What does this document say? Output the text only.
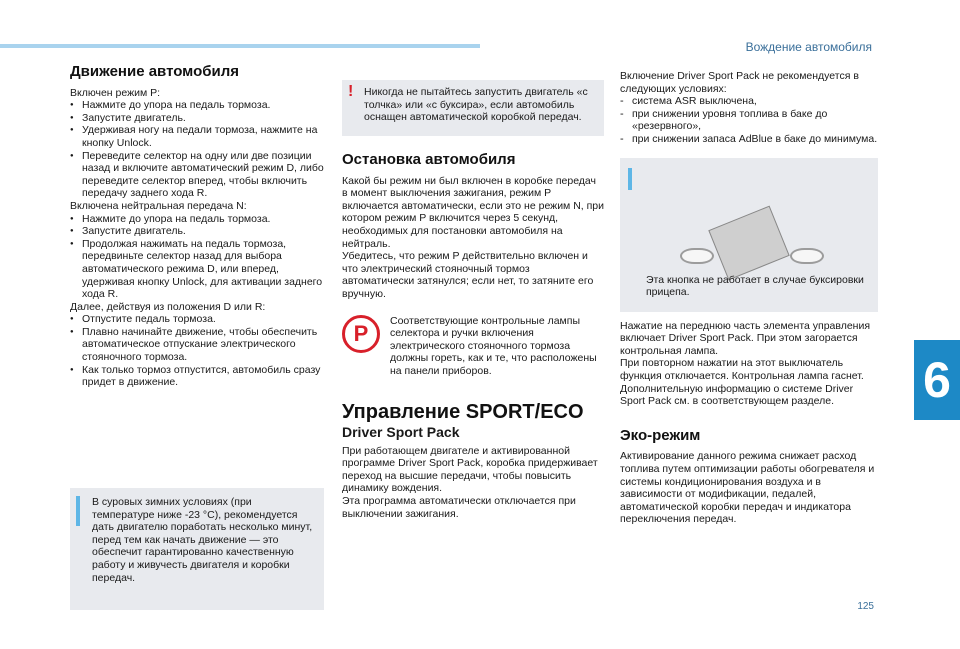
Вождение автомобиля
Движение автомобиля

Включен режим P:

● Нажмите до упора на педаль тормоза.
● Запустите двигатель.
● Удерживая ногу на педали тормоза, нажмите на кнопку Unlock.
● Переведите селектор на одну или две позиции назад и включите автоматический режим D, либо переведите селектор вперед, чтобы включить передачу заднего хода R.

Включена нейтральная передача N:

● Нажмите до упора на педаль тормоза.
● Запустите двигатель.
● Продолжая нажимать на педаль тормоза, передвиньте селектор назад для выбора автоматического режима D, или вперед, удерживая кнопку Unlock, для активации заднего хода R.

Далее, действуя из положения D или R:

● Отпустите педаль тормоза.
● Плавно начинайте движение, чтобы обеспечить автоматическое отпускание электрического стояночного тормоза.
● Как только тормоз отпустится, автомобиль сразу придет в движение.

В суровых зимних условиях (при температуре ниже -23 °C), рекомендуется дать двигателю поработать несколько минут, перед тем как начать движение — это обеспечит гарантированно качественную работу и живучесть двигателя и коробки передач.

! Никогда не пытайтесь запустить двигатель «с толчка» или «с буксира», если автомобиль оснащен автоматической коробкой передач.

Остановка автомобиля

Какой бы режим ни был включен в коробке передач в момент выключения зажигания, режим P включается автоматически, если это не режим N, при котором режим P включится через 5 секунд, необходимых для постановки автомобиля на нейтраль.

Убедитесь, что режим P действительно включен и что электрический стояночный тормоз автоматически затянулся; если нет, то затяните его вручную.

P	Соответствующие контрольные лампы селектора и ручки включения электрического стояночного тормоза должны гореть, как и те, что расположены на панели приборов.

Управление SPORT/ECO
Driver Sport Pack

При работающем двигателе и активированной программе Driver Sport Pack, коробка придерживает переход на высшие передачи, чтобы повысить динамику вождения.

Эта программа автоматически отключается при выключении зажигания.

Включение Driver Sport Pack не рекомендуется в следующих условиях:

- система ASR выключена,
- при снижении уровня топлива в баке до «резервного»,
- при снижении запаса AdBlue в баке до минимума.

Эта кнопка не работает в случае буксировки прицепа.

Нажатие на переднюю часть элемента управления включает Driver Sport Pack. При этом загорается контрольная лампа.

При повторном нажатии на этот выключатель функция отключается. Контрольная лампа гаснет.

Дополнительную информацию о системе Driver Sport Pack см. в соответствующем разделе.

Эко-режим

Активирование данного режима снижает расход топлива путем оптимизации работы обогревателя и системы кондиционирования воздуха и в зависимости от модификации, педалей, автоматической коробки передач и индикатора переключения передач.

6
125
